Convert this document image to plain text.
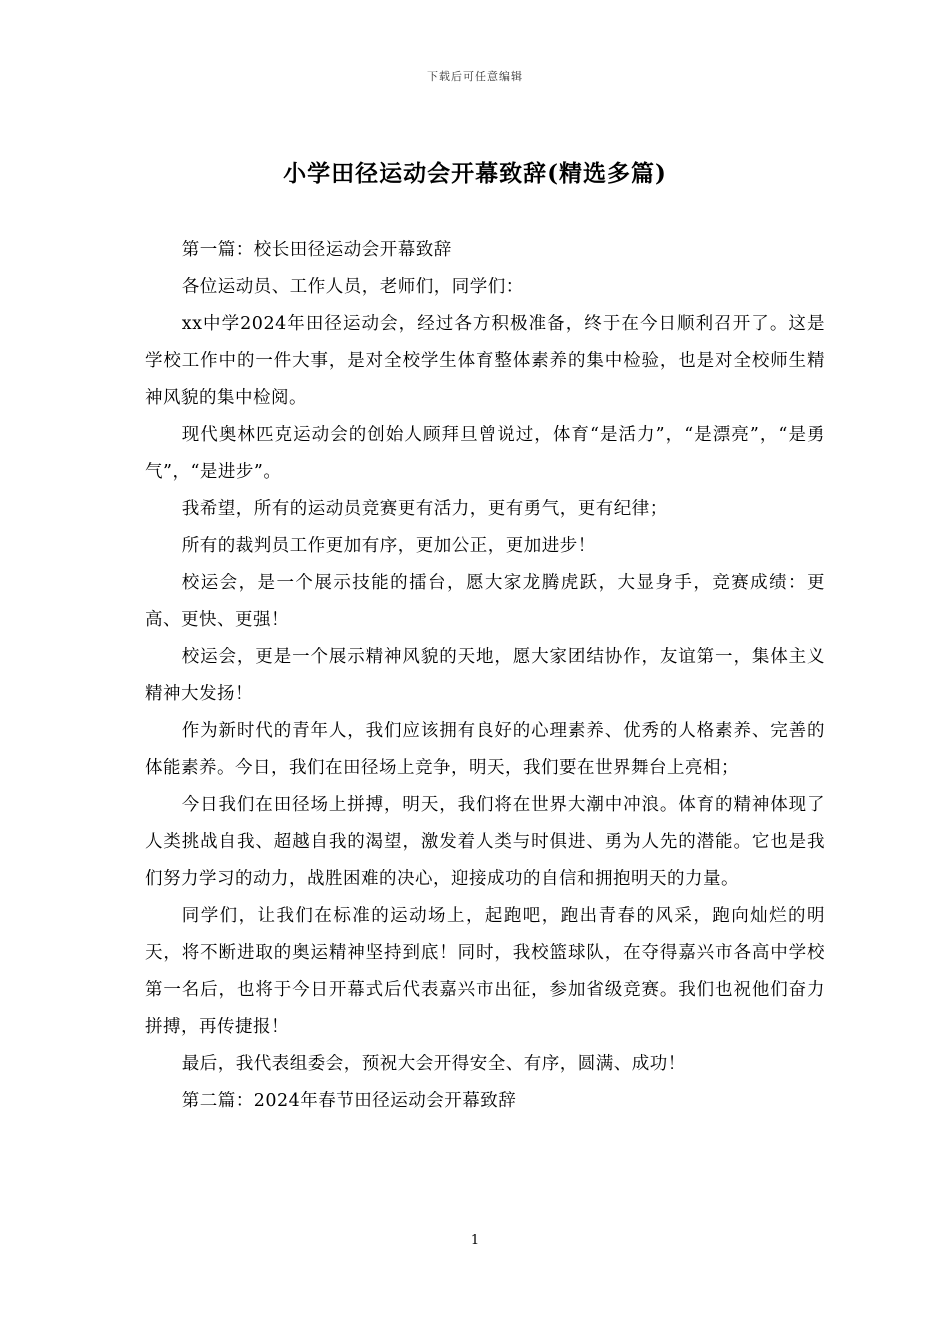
下载后可任意编辑
小学田径运动会开幕致辞(精选多篇)

第一篇：校长田径运动会开幕致辞

各位运动员、工作人员，老师们，同学们：

xx中学2024年田径运动会，经过各方积极准备，终于在今日顺利召开了。这是学校工作中的一件大事，是对全校学生体育整体素养的集中检验，也是对全校师生精神风貌的集中检阅。

现代奥林匹克运动会的创始人顾拜旦曾说过，体育“是活力”，“是漂亮”，“是勇气”，“是进步”。

我希望，所有的运动员竞赛更有活力，更有勇气，更有纪律；

所有的裁判员工作更加有序，更加公正，更加进步！

校运会，是一个展示技能的擂台，愿大家龙腾虎跃，大显身手，竞赛成绩：更高、更快、更强！

校运会，更是一个展示精神风貌的天地，愿大家团结协作，友谊第一，集体主义精神大发扬！

作为新时代的青年人，我们应该拥有良好的心理素养、优秀的人格素养、完善的体能素养。今日，我们在田径场上竞争，明天，我们要在世界舞台上亮相；

今日我们在田径场上拼搏，明天，我们将在世界大潮中冲浪。体育的精神体现了人类挑战自我、超越自我的渴望，激发着人类与时俱进、勇为人先的潜能。它也是我们努力学习的动力，战胜困难的决心，迎接成功的自信和拥抱明天的力量。

同学们，让我们在标准的运动场上，起跑吧，跑出青春的风采，跑向灿烂的明天，将不断进取的奥运精神坚持到底！同时，我校篮球队，在夺得嘉兴市各高中学校第一名后，也将于今日开幕式后代表嘉兴市出征，参加省级竞赛。我们也祝他们奋力拼搏，再传捷报！

最后，我代表组委会，预祝大会开得安全、有序，圆满、成功！

第二篇：2024年春节田径运动会开幕致辞

1
